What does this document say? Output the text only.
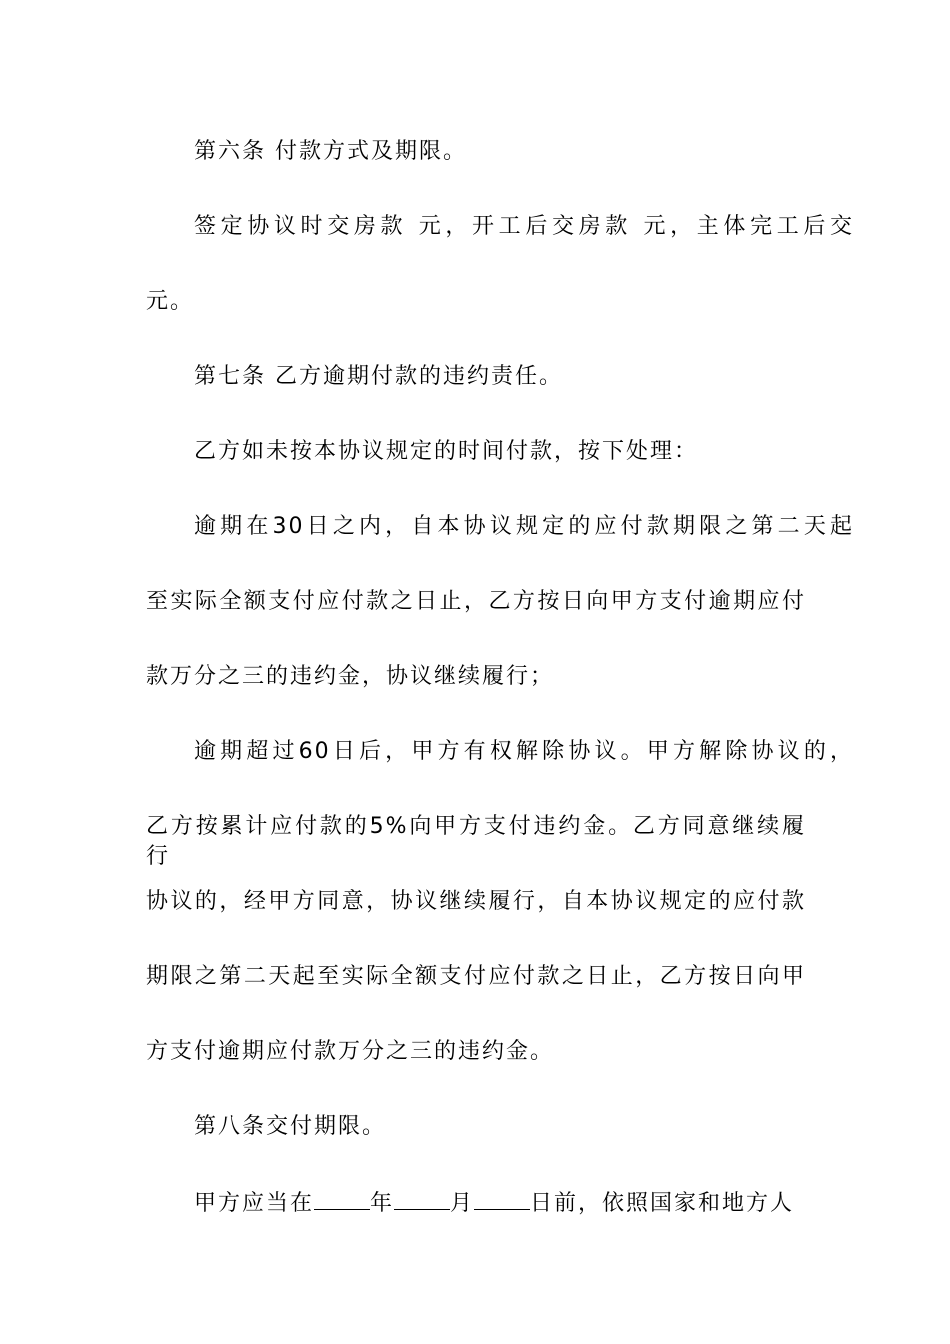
第六条 付款方式及期限。
签定协议时交房款 元，开工后交房款 元，主体完工后交
元。
第七条 乙方逾期付款的违约责任。
乙方如未按本协议规定的时间付款，按下处理：
逾期在30日之内，自本协议规定的应付款期限之第二天起
至实际全额支付应付款之日止，乙方按日向甲方支付逾期应付
款万分之三的违约金，协议继续履行；
逾期超过60日后，甲方有权解除协议。甲方解除协议的，
乙方按累计应付款的5%向甲方支付违约金。乙方同意继续履行
协议的，经甲方同意，协议继续履行，自本协议规定的应付款
期限之第二天起至实际全额支付应付款之日止，乙方按日向甲
方支付逾期应付款万分之三的违约金。
第八条交付期限。
甲方应当在	年	月	日前，依照国家和地方人
